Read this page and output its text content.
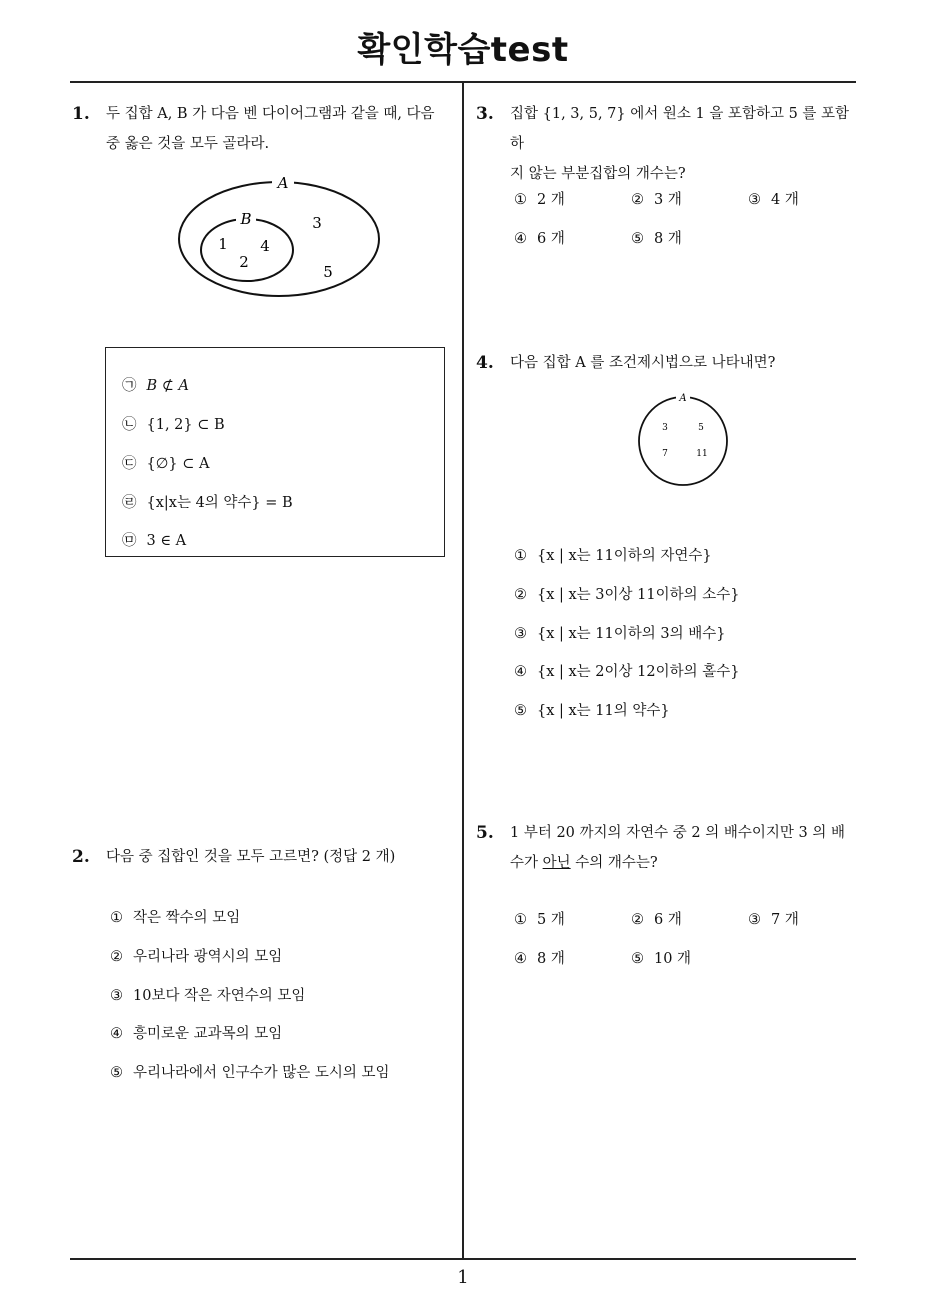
확인학습test
1
1. 두 집합 A, B 가 다음 벤 다이어그램과 같을 때, 다음
중 옳은 것을 모두 골라라.
A
B
1
2
4
3
5
㉠ B ⊄ A
㉡ {1, 2} ⊂ B
㉢ {∅} ⊂ A
㉣ {x|x는 4의 약수} = B
㉤ 3 ∈ A
2. 다음 중 집합인 것을 모두 고르면? (정답 2 개)
① 작은 짝수의 모임
② 우리나라 광역시의 모임
③ 10보다 작은 자연수의 모임
④ 흥미로운 교과목의 모임
⑤ 우리나라에서 인구수가 많은 도시의 모임
3. 집합 {1, 3, 5, 7} 에서 원소 1 을 포함하고 5 를 포함하
지 않는 부분집합의 개수는?
① 2 개	② 3 개	③ 4 개
④ 6 개	⑤ 8 개
4. 다음 집합 A 를 조건제시법으로 나타내면?
A
3	5
7	11
① {x | x는 11이하의 자연수}
② {x | x는 3이상 11이하의 소수}
③ {x | x는 11이하의 3의 배수}
④ {x | x는 2이상 12이하의 홀수}
⑤ {x | x는 11의 약수}
5. 1 부터 20 까지의 자연수 중 2 의 배수이지만 3 의 배
수가 아닌 수의 개수는?
① 5 개	② 6 개	③ 7 개
④ 8 개	⑤ 10 개
